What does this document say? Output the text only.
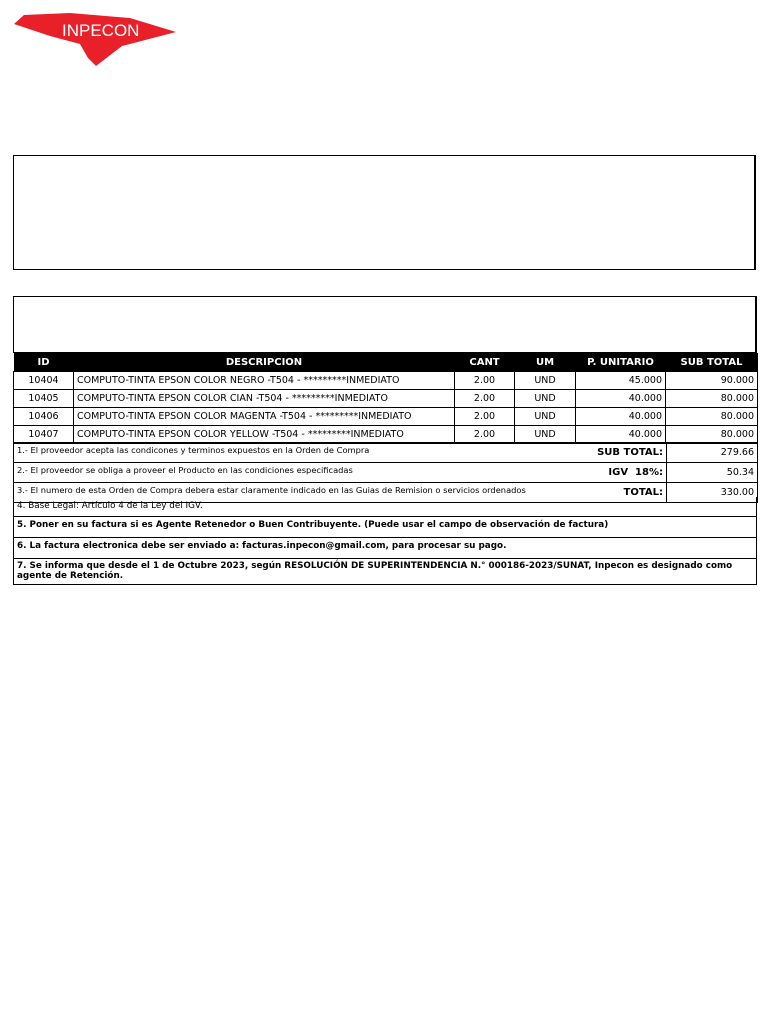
INPECON
ID	DESCRIPCION	CANT	UM	P. UNITARIO	SUB TOTAL
10404	COMPUTO-TINTA EPSON COLOR NEGRO -T504 - *********INMEDIATO	2.00	UND	45.000	90.000
10405	COMPUTO-TINTA EPSON COLOR CIAN -T504 - *********INMEDIATO	2.00	UND	40.000	80.000
10406	COMPUTO-TINTA EPSON COLOR MAGENTA -T504 - *********INMEDIATO	2.00	UND	40.000	80.000
10407	COMPUTO-TINTA EPSON COLOR YELLOW -T504 - *********INMEDIATO	2.00	UND	40.000	80.000
1.- El proveedor acepta las condicones y terminos expuestos en la Orden de Compra	SUB TOTAL:	279.66
2.- El proveedor se obliga a proveer el Producto en las condiciones especificadas	IGV  18%:	50.34
3.- El numero de esta Orden de Compra debera estar claramente indicado en las Guias de Remision o servicios ordenados	TOTAL:	330.00
4. Base Legal: Artículo 4 de la Ley del IGV.
5. Poner en su factura si es Agente Retenedor o Buen Contribuyente. (Puede usar el campo de observación de factura)
6. La factura electronica debe ser enviado a: facturas.inpecon@gmail.com, para procesar su pago.
7. Se informa que desde el 1 de Octubre 2023, según RESOLUCIÓN DE SUPERINTENDENCIA N.° 000186-2023/SUNAT, Inpecon es designado como agente de Retención.
